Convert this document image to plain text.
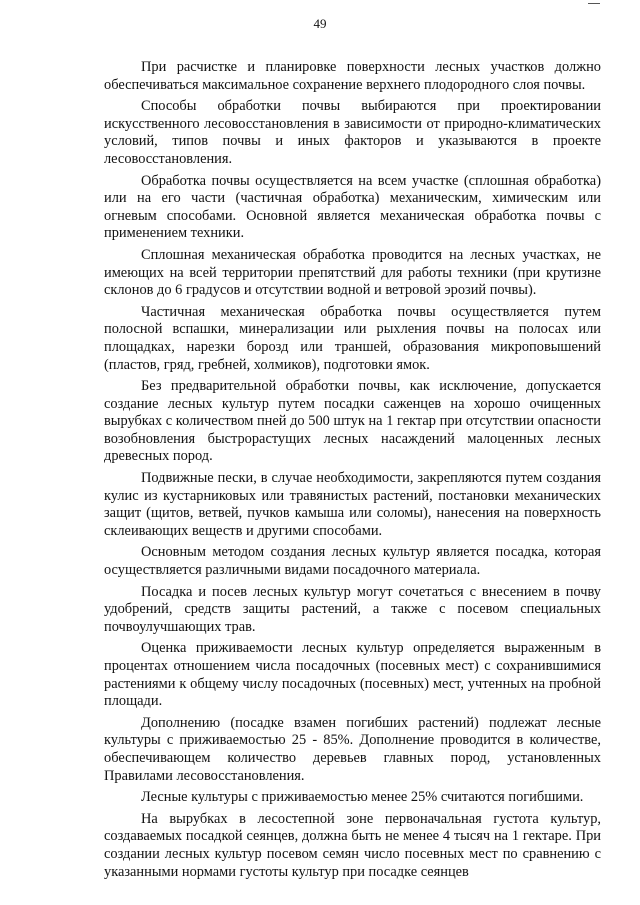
49

При расчистке и планировке поверхности лесных участков должно обеспечиваться максимальное сохранение верхнего плодородного слоя почвы.

Способы обработки почвы выбираются при проектировании искусственного лесовосстановления в зависимости от природно-климатических условий, типов почвы и иных факторов и указываются в проекте лесовосстановления.

Обработка почвы осуществляется на всем участке (сплошная обработка) или на его части (частичная обработка) механическим, химическим или огневым способами. Основной является механическая обработка почвы с применением техники.

Сплошная механическая обработка проводится на лесных участках, не имеющих на всей территории препятствий для работы техники (при крутизне склонов до 6 градусов и отсутствии водной и ветровой эрозий почвы).

Частичная механическая обработка почвы осуществляется путем полосной вспашки, минерализации или рыхления почвы на полосах или площадках, нарезки борозд или траншей, образования микроповышений (пластов, гряд, гребней, холмиков), подготовки ямок.

Без предварительной обработки почвы, как исключение, допускается создание лесных культур путем посадки саженцев на хорошо очищенных вырубках с количеством пней до 500 штук на 1 гектар при отсутствии опасности возобновления быстрорастущих лесных насаждений малоценных лесных древесных пород.

Подвижные пески, в случае необходимости, закрепляются путем создания кулис из кустарниковых или травянистых растений, постановки механических защит (щитов, ветвей, пучков камыша или соломы), нанесения на поверхность склеивающих веществ и другими способами.

Основным методом создания лесных культур является посадка, которая осуществляется различными видами посадочного материала.

Посадка и посев лесных культур могут сочетаться с внесением в почву удобрений, средств защиты растений, а также с посевом специальных почвоулучшающих трав.

Оценка приживаемости лесных культур определяется выраженным в процентах отношением числа посадочных (посевных мест) с сохранившимися растениями к общему числу посадочных (посевных) мест, учтенных на пробной площади.

Дополнению (посадке взамен погибших растений) подлежат лесные культуры с приживаемостью 25 - 85%. Дополнение проводится в количестве, обеспечивающем количество деревьев главных пород, установленных Правилами лесовосстановления.

Лесные культуры с приживаемостью менее 25% считаются погибшими.

На вырубках в лесостепной зоне первоначальная густота культур, создаваемых посадкой сеянцев, должна быть не менее 4 тысяч на 1 гектаре. При создании лесных культур посевом семян число посевных мест по сравнению с указанными нормами густоты культур при посадке сеянцев
